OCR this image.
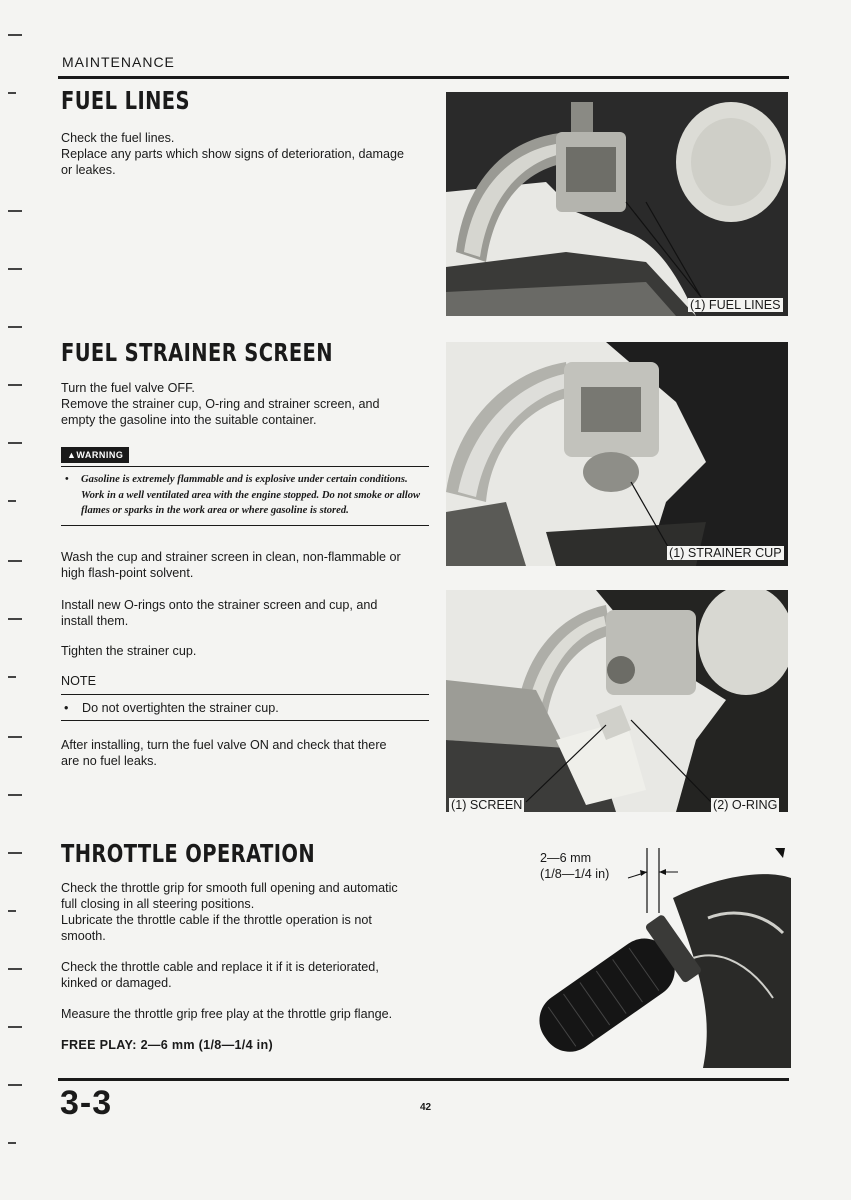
MAINTENANCE
FUEL LINES
Check the fuel lines.
Replace any parts which show signs of deterioration, damage
or leakes.
(1) FUEL LINES
FUEL STRAINER SCREEN
Turn the fuel valve OFF.
Remove the strainer cup, O-ring and strainer screen, and
empty the gasoline into the suitable container.
▲WARNING
• Gasoline is extremely flammable and is explosive under certain conditions. Work in a well ventilated area with the engine stopped. Do not smoke or allow flames or sparks in the work area or where gasoline is stored.
Wash the cup and strainer screen in clean, non-flammable or
high flash-point solvent.
Install new O-rings onto the strainer screen and cup, and
install them.
Tighten the strainer cup.
NOTE
• Do not overtighten the strainer cup.
After installing, turn the fuel valve ON and check that there
are no fuel leaks.
(1) STRAINER CUP
(1) SCREEN	(2) O-RING
THROTTLE OPERATION
Check the throttle grip for smooth full opening and automatic
full closing in all steering positions.
Lubricate the throttle cable if the throttle operation is not
smooth.
Check the throttle cable and replace it if it is deteriorated,
kinked or damaged.
Measure the throttle grip free play at the throttle grip flange.
FREE PLAY: 2—6 mm (1/8—1/4 in)
2—6 mm
(1/8—1/4 in)
3-3	42
